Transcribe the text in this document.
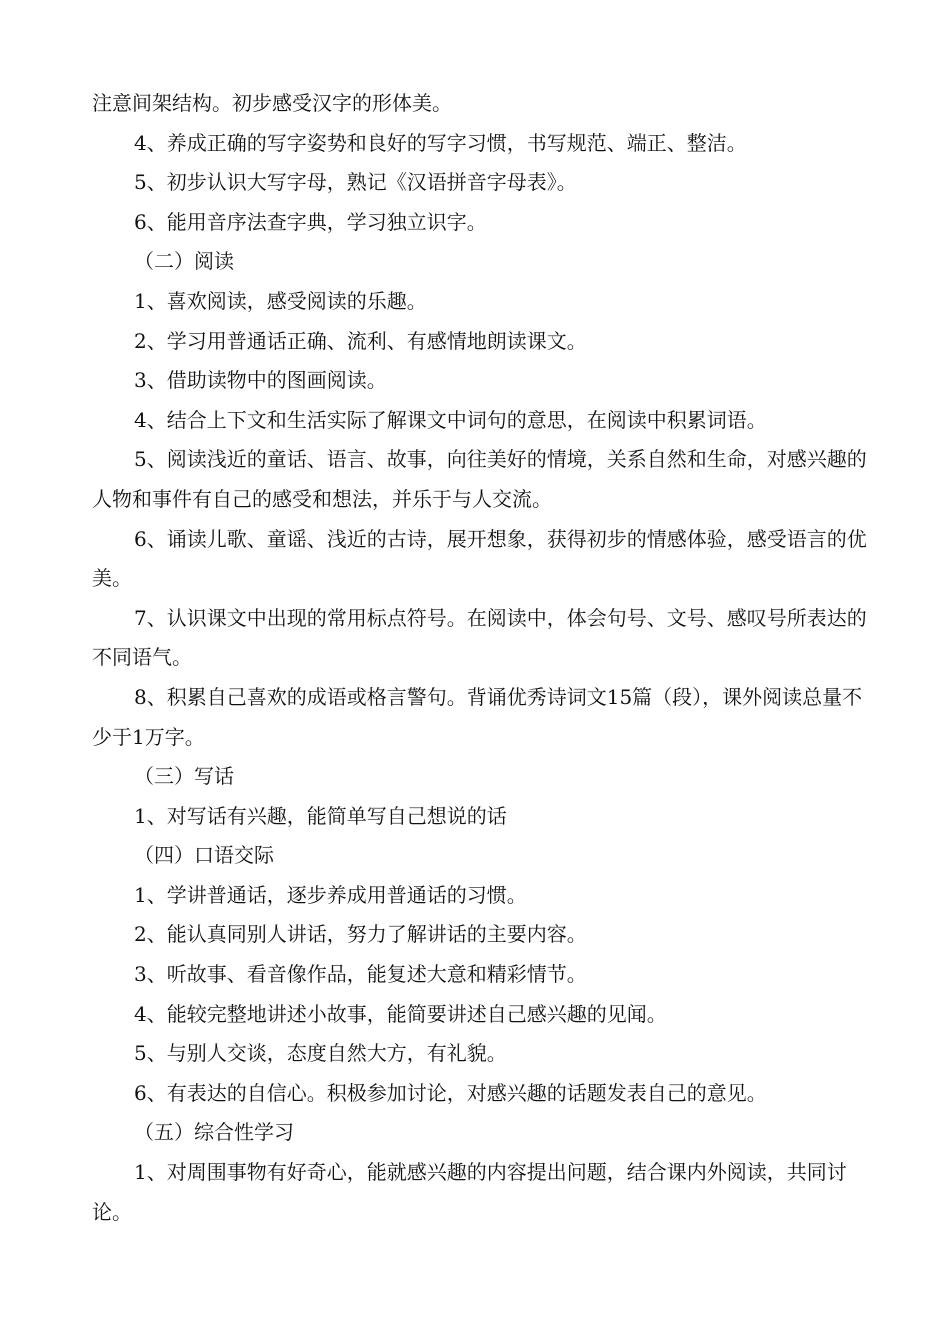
注意间架结构。初步感受汉字的形体美。

4、养成正确的写字姿势和良好的写字习惯，书写规范、端正、整洁。

5、初步认识大写字母，熟记《汉语拼音字母表》。

6、能用音序法查字典，学习独立识字。

（二）阅读

1、喜欢阅读，感受阅读的乐趣。

2、学习用普通话正确、流利、有感情地朗读课文。

3、借助读物中的图画阅读。

4、结合上下文和生活实际了解课文中词句的意思，在阅读中积累词语。

5、阅读浅近的童话、语言、故事，向往美好的情境，关系自然和生命，对感兴趣的人物和事件有自己的感受和想法，并乐于与人交流。

6、诵读儿歌、童谣、浅近的古诗，展开想象，获得初步的情感体验，感受语言的优美。

7、认识课文中出现的常用标点符号。在阅读中，体会句号、文号、感叹号所表达的不同语气。

8、积累自己喜欢的成语或格言警句。背诵优秀诗词文15篇（段），课外阅读总量不少于1万字。

（三）写话

1、对写话有兴趣，能简单写自己想说的话

（四）口语交际

1、学讲普通话，逐步养成用普通话的习惯。

2、能认真同别人讲话，努力了解讲话的主要内容。

3、听故事、看音像作品，能复述大意和精彩情节。

4、能较完整地讲述小故事，能简要讲述自己感兴趣的见闻。

5、与别人交谈，态度自然大方，有礼貌。

6、有表达的自信心。积极参加讨论，对感兴趣的话题发表自己的意见。

（五）综合性学习

1、对周围事物有好奇心，能就感兴趣的内容提出问题，结合课内外阅读，共同讨论。
